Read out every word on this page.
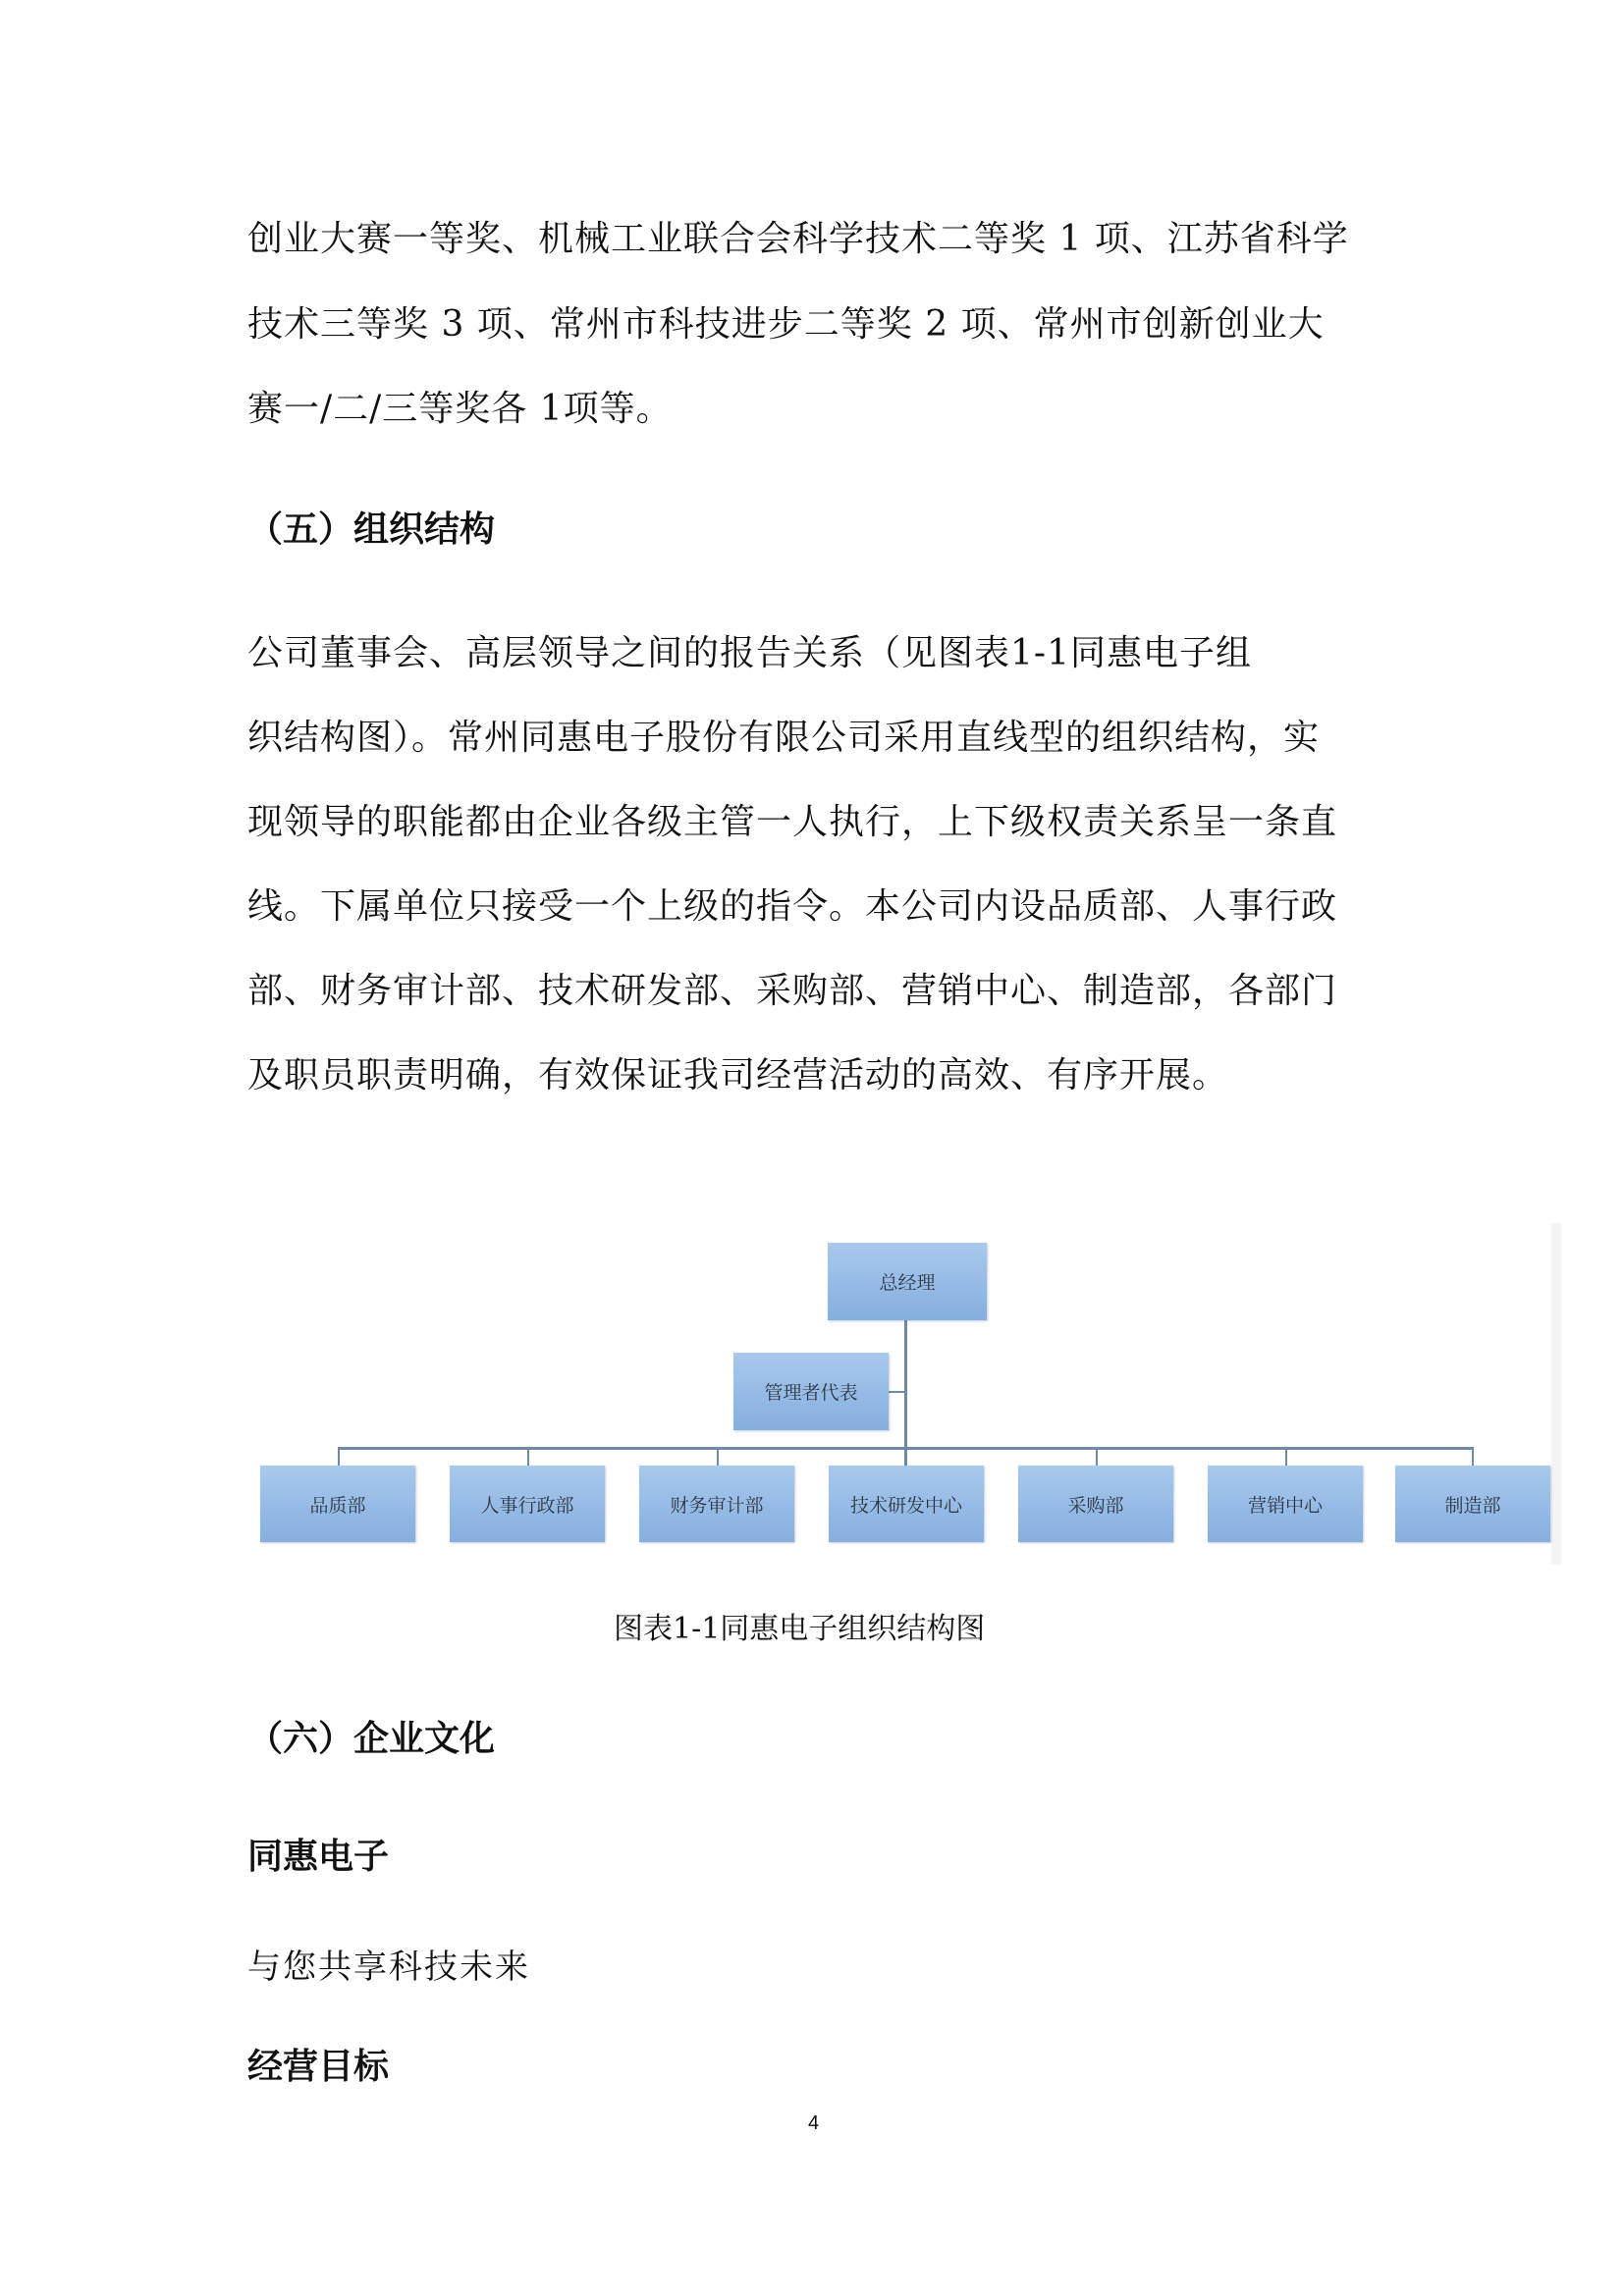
创业大赛一等奖、机械工业联合会科学技术二等奖 1 项、江苏省科学
技术三等奖 3 项、常州市科技进步二等奖 2 项、常州市创新创业大
赛一/二/三等奖各 1项等。
（五）组织结构
公司董事会、高层领导之间的报告关系（见图表1-1同惠电子组
织结构图）。常州同惠电子股份有限公司采用直线型的组织结构，实
现领导的职能都由企业各级主管一人执行，上下级权责关系呈一条直
线。下属单位只接受一个上级的指令。本公司内设品质部、人事行政
部、财务审计部、技术研发部、采购部、营销中心、制造部，各部门
及职员职责明确，有效保证我司经营活动的高效、有序开展。
总经理
管理者代表
品质部	人事行政部	财务审计部	技术研发中心	采购部	营销中心	制造部
图表1-1同惠电子组织结构图
（六）企业文化
同惠电子
与您共享科技未来
经营目标
4
